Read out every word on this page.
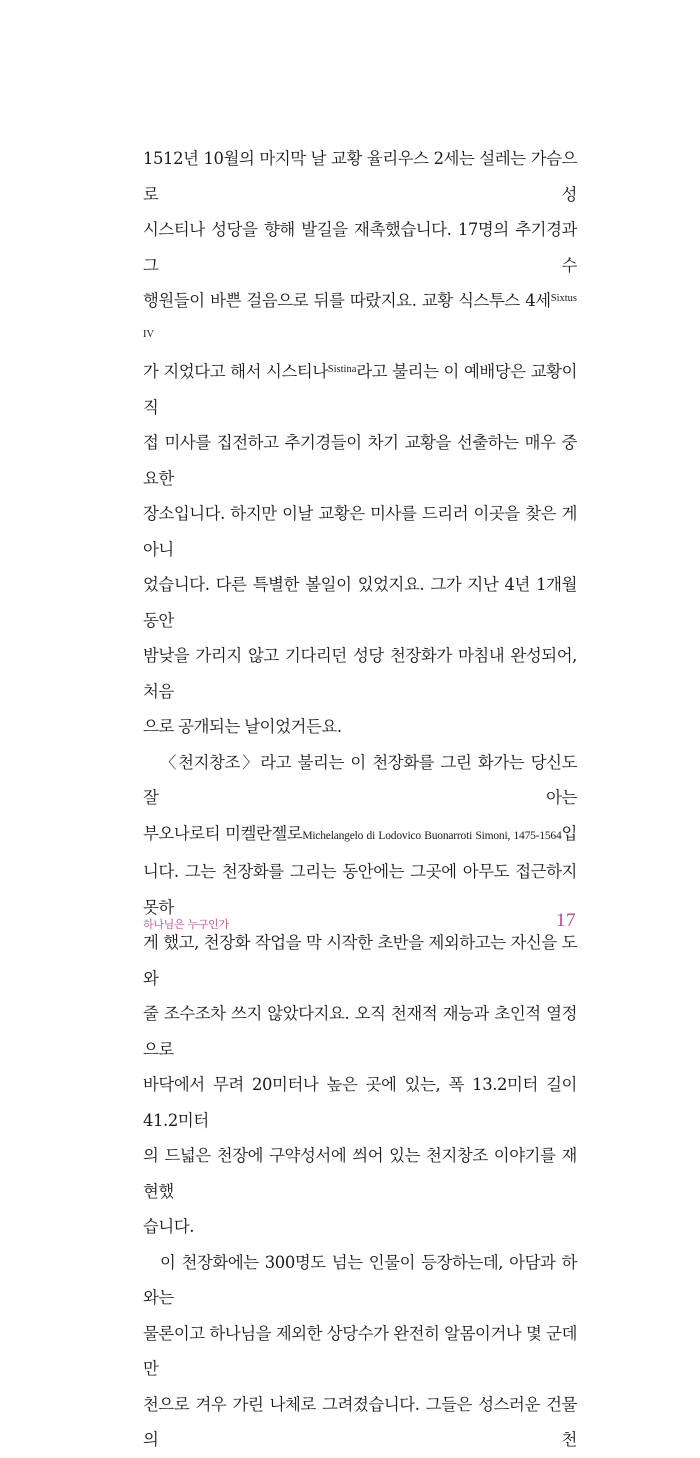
1512년 10월의 마지막 날 교황 율리우스 2세는 설레는 가슴으로 성
시스티나 성당을 향해 발길을 재촉했습니다. 17명의 추기경과 그 수
행원들이 바쁜 걸음으로 뒤를 따랐지요. 교황 식스투스 4세$^{Sixtus IV}$
가 지었다고 해서 시스티나$^{Sistina}$라고 불리는 이 예배당은 교황이 직
접 미사를 집전하고 추기경들이 차기 교황을 선출하는 매우 중요한
장소입니다. 하지만 이날 교황은 미사를 드리러 이곳을 찾은 게 아니
었습니다. 다른 특별한 볼일이 있었지요. 그가 지난 4년 1개월 동안
밤낮을 가리지 않고 기다리던 성당 천장화가 마침내 완성되어, 처음

으로 공개되는 날이었거든요.

〈천지창조〉라고 불리는 이 천장화를 그린 화가는 당신도 잘 아는
부오나로티 미켈란젤로Michelangelo di Lodovico Buonarroti Simoni, 1475-1564입
니다. 그는 천장화를 그리는 동안에는 그곳에 아무도 접근하지 못하
게 했고, 천장화 작업을 막 시작한 초반을 제외하고는 자신을 도와
줄 조수조차 쓰지 않았다지요. 오직 천재적 재능과 초인적 열정으로
바닥에서 무려 20미터나 높은 곳에 있는, 폭 13.2미터 길이 41.2미터
의 드넓은 천장에 구약성서에 씌어 있는 천지창조 이야기를 재현했

습니다.

이 천장화에는 300명도 넘는 인물이 등장하는데, 아담과 하와는
물론이고 하나님을 제외한 상당수가 완전히 알몸이거나 몇 군데만
천으로 겨우 가린 나체로 그려졌습니다. 그들은 성스러운 건물의 천

하나님은 누구인가	17
